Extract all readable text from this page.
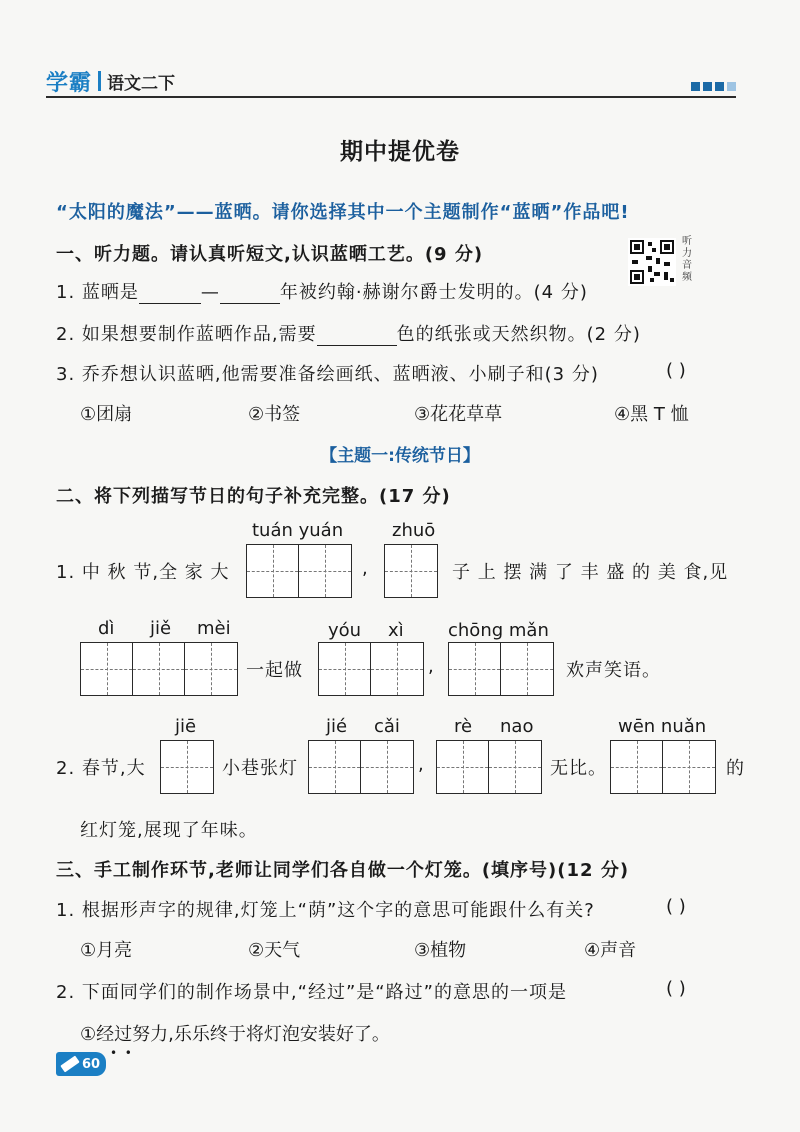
学霸 语文二下
期中提优卷
“太阳的魔法”——蓝晒。请你选择其中一个主题制作“蓝晒”作品吧!
一、听力题。请认真听短文,认识蓝晒工艺。(9 分)
听力音频
1. 蓝晒是	—	年被约翰·赫谢尔爵士发明的。(4 分)
2. 如果想要制作蓝晒作品,需要	色的纸张或天然织物。(2 分)
3. 乔乔想认识蓝晒,他需要准备绘画纸、蓝晒液、小刷子和(3 分)	( )
①团扇	②书签	③花花草草	④黑 T 恤
【主题一:传统节日】
二、将下列描写节日的句子补充完整。(17 分)
tuán yuán	zhuō
1. 中 秋 节,全 家 大	,	子 上 摆 满 了 丰 盛 的 美 食,见
dì jiě mèi	yóu xì chōng mǎn
一起做	,	欢声笑语。
jiē	jié cǎi	rè nao	wēn nuǎn
2. 春节,大	小巷张灯	,	无比。	的
红灯笼,展现了年味。
三、手工制作环节,老师让同学们各自做一个灯笼。(填序号)(12 分)
1. 根据形声字的规律,灯笼上“荫”这个字的意思可能跟什么有关?	( )
①月亮	②天气	③植物	④声音
2. 下面同学们的制作场景中,“经过”是“路过”的意思的一项是	( )
①经过努力,乐乐终于将灯泡安装好了。
•  •
60
